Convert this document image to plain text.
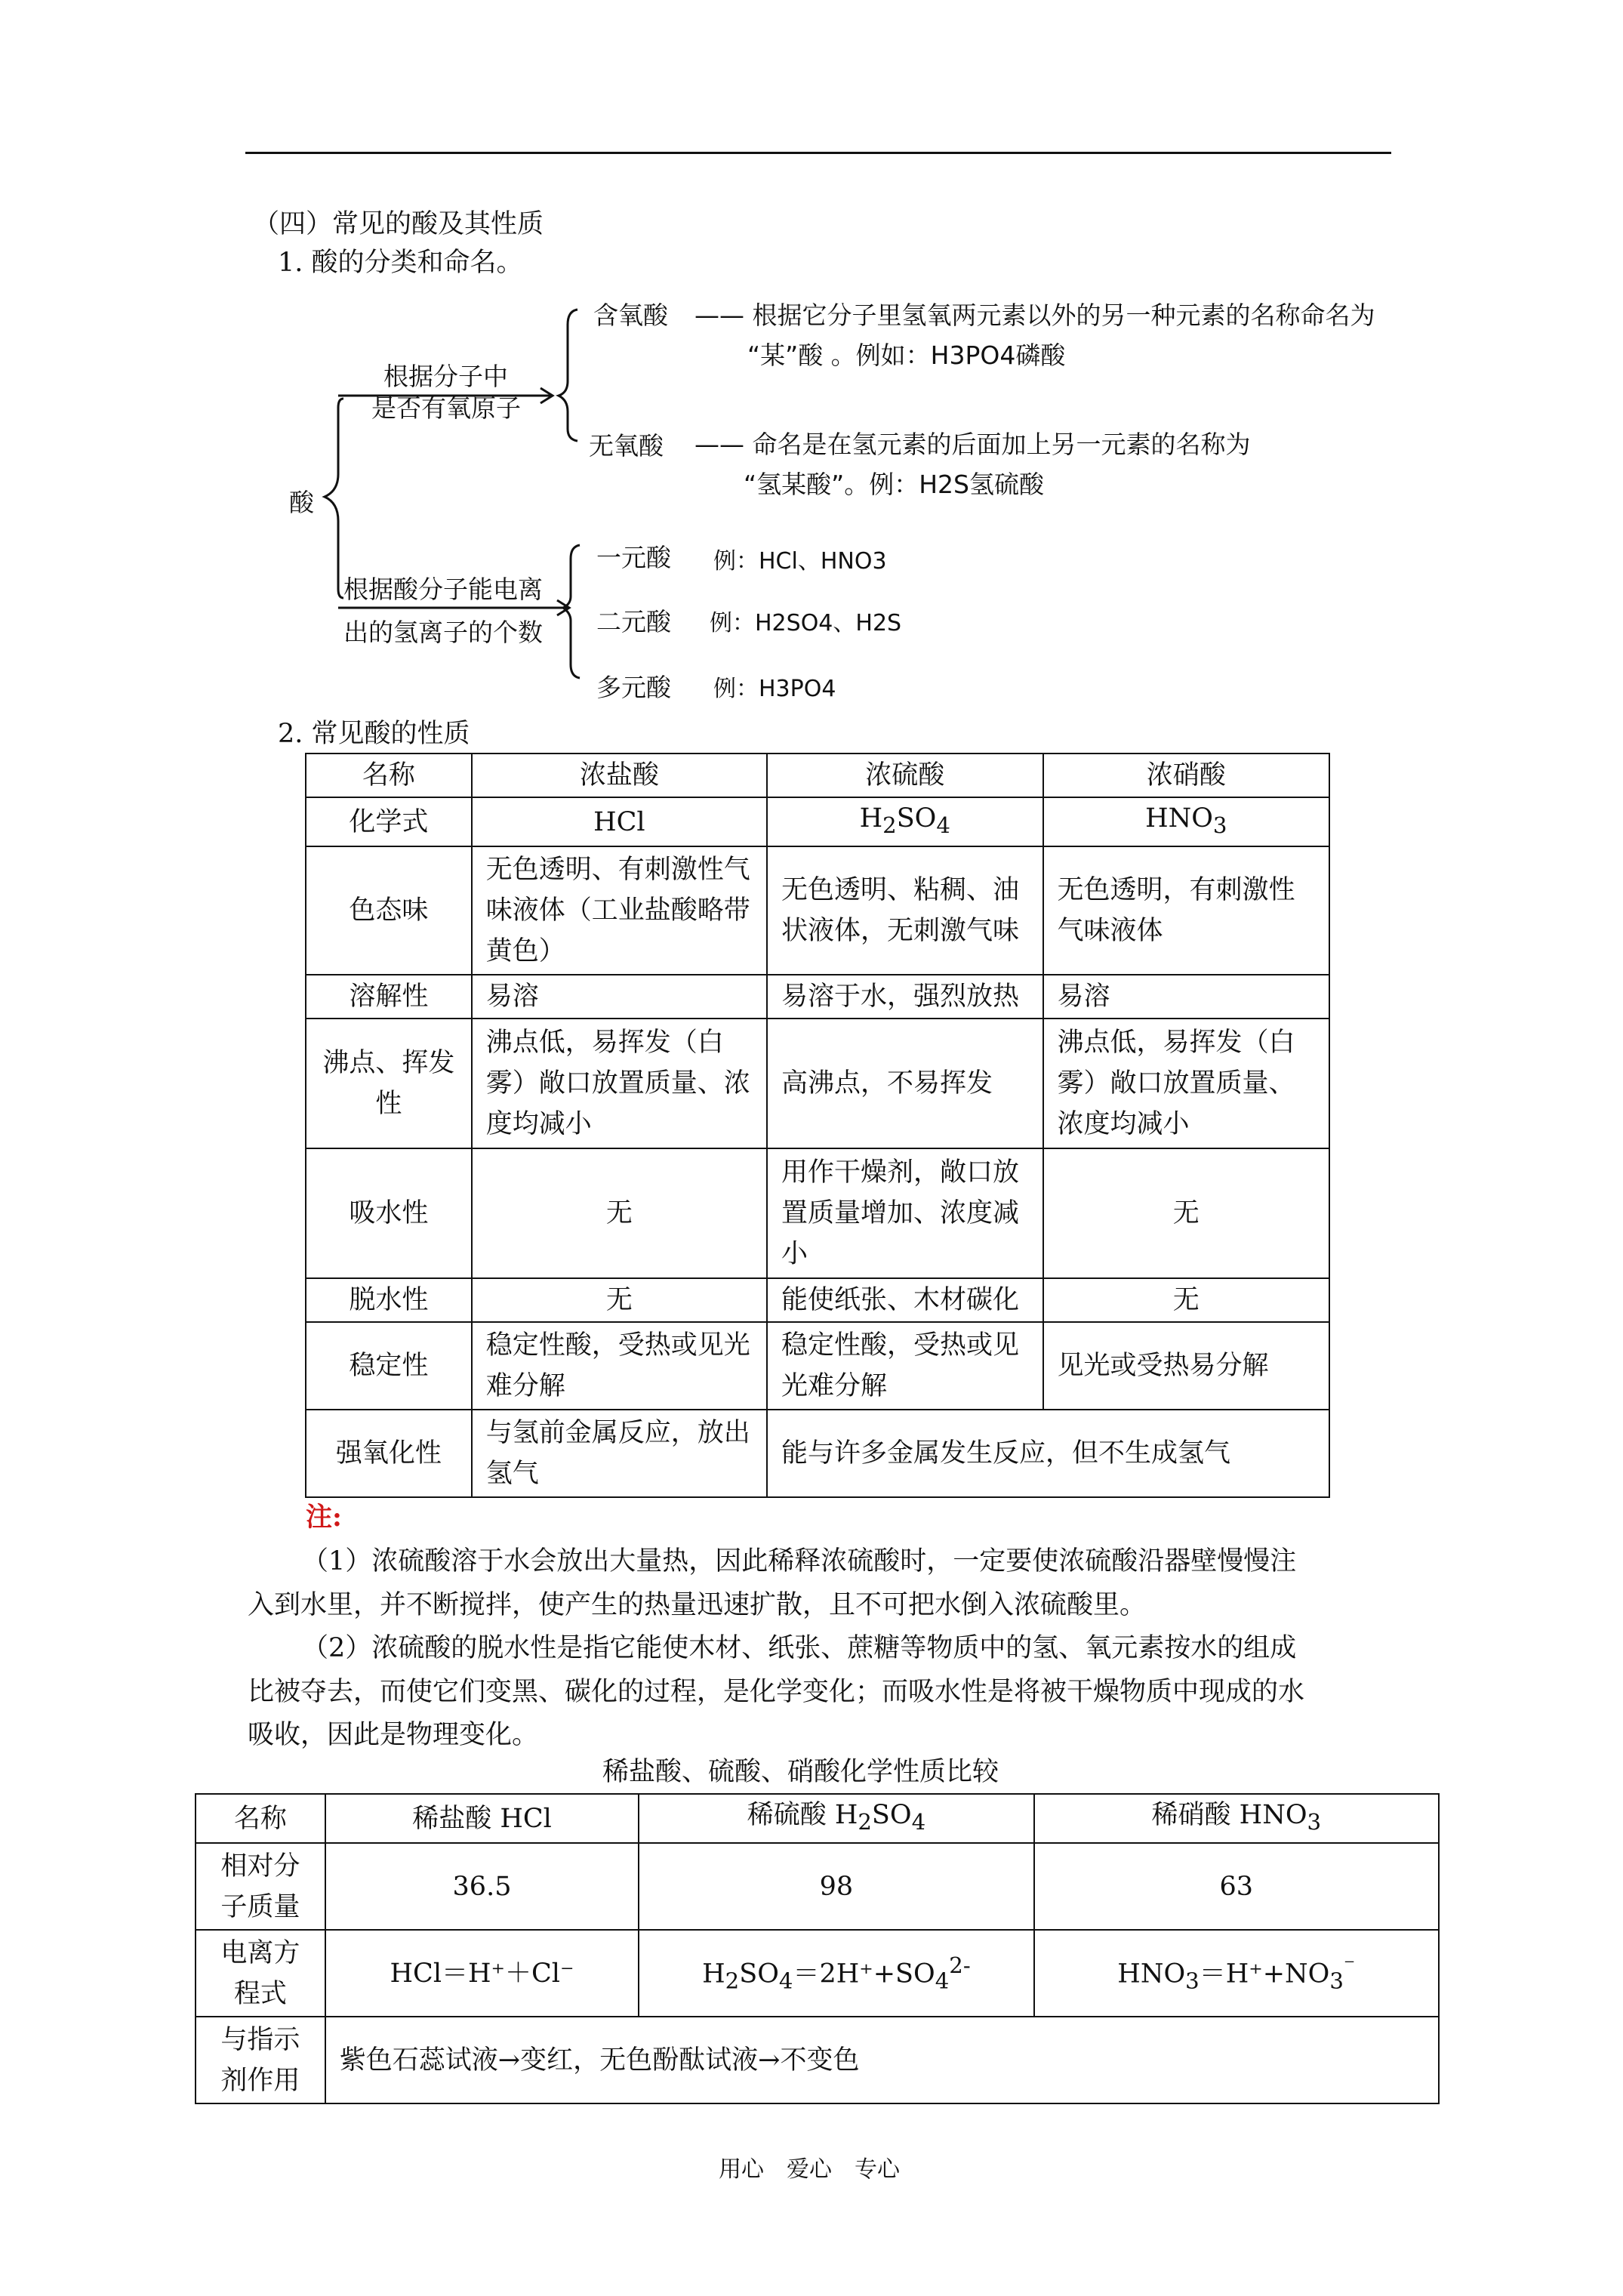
（四）常见的酸及其性质
1. 酸的分类和命名。
酸
根据分子中
是否有氧原子
含氧酸 —— 根据它分子里氢氧两元素以外的另一种元素的名称命名为
“某”酸 。例如：H3PO4磷酸
无氧酸 —— 命名是在氢元素的后面加上另一元素的名称为
“氢某酸”。例：H2S氢硫酸
根据酸分子能电离
出的氢离子的个数
一元酸 例：HCl、HNO3
二元酸 例：H2SO4、H2S
多元酸 例：H3PO4
2. 常见酸的性质
名称	浓盐酸	浓硫酸	浓硝酸
化学式	HCl	$H_2SO_4$	$HNO_3$
色态味	无色透明、有刺激性气味液体（工业盐酸略带黄色）	无色透明、粘稠、油状液体，无刺激气味	无色透明，有刺激性气味液体
溶解性	易溶	易溶于水，强烈放热	易溶
沸点、挥发性	沸点低，易挥发（白雾）敞口放置质量、浓度均减小	高沸点，不易挥发	沸点低，易挥发（白雾）敞口放置质量、浓度均减小
吸水性	无	用作干燥剂，敞口放置质量增加、浓度减小	无
脱水性	无	能使纸张、木材碳化	无
稳定性	稳定性酸，受热或见光难分解	稳定性酸，受热或见光难分解	见光或受热易分解
强氧化性	与氢前金属反应，放出氢气	能与许多金属发生反应，但不生成氢气	
注:
（1）浓硫酸溶于水会放出大量热，因此稀释浓硫酸时，一定要使浓硫酸沿器壁慢慢注
入到水里，并不断搅拌，使产生的热量迅速扩散，且不可把水倒入浓硫酸里。
（2）浓硫酸的脱水性是指它能使木材、纸张、蔗糖等物质中的氢、氧元素按水的组成
比被夺去，而使它们变黑、碳化的过程，是化学变化；而吸水性是将被干燥物质中现成的水
吸收，因此是物理变化。
稀盐酸、硫酸、硝酸化学性质比较
名称	稀盐酸 HCl	稀硫酸 $H_2SO_4$	稀硝酸 $HNO_3$
相对分子质量	36.5	98	63
电离方程式	HCl＝H⁺＋Cl⁻	$H_2SO_4=2H^++SO_4^{2-}$	$HNO_3=H^++NO_3^{^-}$
与指示剂作用	紫色石蕊试液→变红，无色酚酞试液→不变色		
用心　爱心　专心
